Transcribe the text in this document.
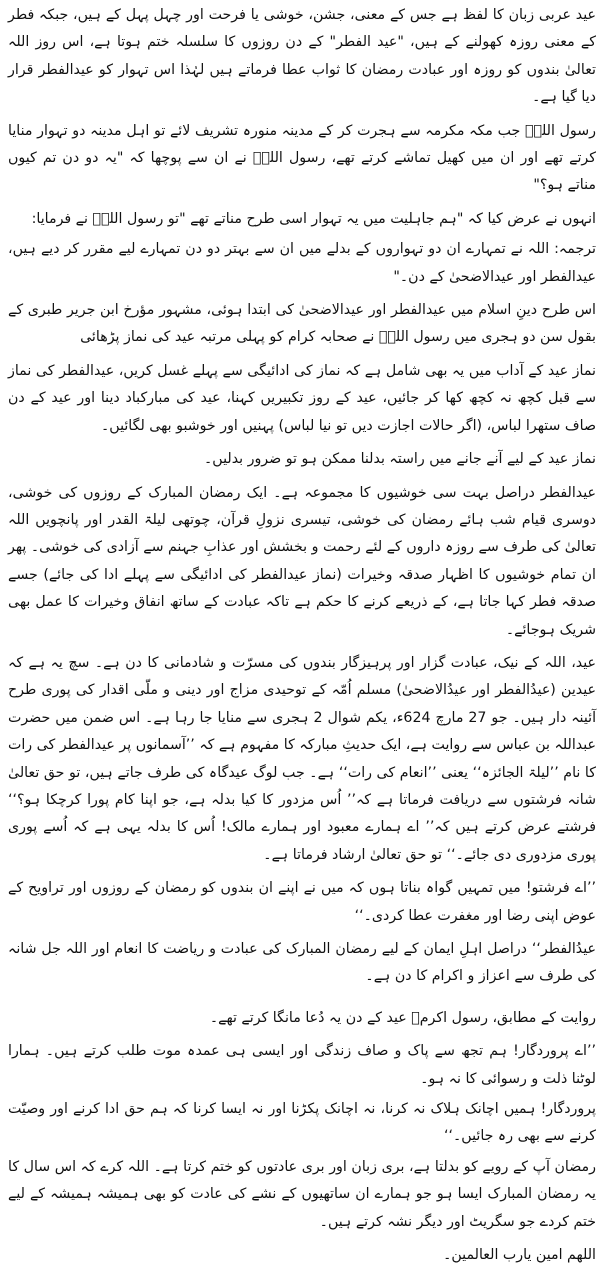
عید عربی زبان کا لفظ ہے جس کے معنی، جشن، خوشی یا فرحت اور چہل پہل کے ہیں، جبکہ فطر کے معنی روزہ کھولنے کے ہیں، "عید الفطر" کے دن روزوں کا سلسلہ ختم ہوتا ہے، اس روز اللہ تعالیٰ بندوں کو روزہ اور عبادت رمضان کا ثواب عطا فرماتے ہیں لہٰذا اس تہوار کو عیدالفطر قرار دیا گیا ہے۔

رسول اللہؐ جب مکہ مکرمہ سے ہجرت کر کے مدینہ منورہ تشریف لائے تو اہل مدینہ دو تہوار منایا کرتے تھے اور ان میں کھیل تماشے کرتے تھے، رسول اللہؐ نے ان سے پوچھا کہ "یہ دو دن تم کیوں مناتے ہو؟"

انہوں نے عرض کیا کہ "ہم جاہلیت میں یہ تہوار اسی طرح مناتے تھے "تو رسول اللہؐ نے فرمایا:

ترجمہ: اللہ نے تمہارے ان دو تہواروں کے بدلے میں ان سے بہتر دو دن تمہارے لیے مقرر کر دیے ہیں، عیدالفطر اور عیدالاضحیٰ کے دن۔"

اس طرح دینِ اسلام میں عیدالفطر اور عیدالاضحیٰ کی ابتدا ہوئی، مشہور مؤرخ ابن جریر طبری کے بقول سن دو ہجری میں رسول اللہؐ نے صحابہ کرام کو پہلی مرتبہ عید کی نماز پڑھائی

نماز عید کے آداب میں یہ بھی شامل ہے کہ نماز کی ادائیگی سے پہلے غسل کریں، عیدالفطر کی نماز سے قبل کچھ نہ کچھ کھا کر جائیں، عید کے روز تکبیریں کہنا، عید کی مبارکباد دینا اور عید کے دن صاف ستھرا لباس، (اگر حالات اجازت دیں تو نیا لباس) پہنیں اور خوشبو بھی لگائیں۔

نماز عید کے لیے آنے جانے میں راستہ بدلنا ممکن ہو تو ضرور بدلیں۔

عیدالفطر دراصل بہت سی خوشیوں کا مجموعہ ہے۔ ایک رمضان المبارک کے روزوں کی خوشی، دوسری قیام شب ہائے رمضان کی خوشی، تیسری نزولِ قرآن، چوتھی لیلۃ القدر اور پانچویں اللہ تعالیٰ کی طرف سے روزہ داروں کے لئے رحمت و بخشش اور عذابِ جہنم سے آزادی کی خوشی۔ پھر ان تمام خوشیوں کا اظہار صدقہ وخیرات (نماز عیدالفطر کی ادائیگی سے پہلے ادا کی جائے) جسے صدقہ فطر کہا جاتا ہے، کے ذریعے کرنے کا حکم ہے تاکہ عبادت کے ساتھ انفاق وخیرات کا عمل بھی شریک ہوجائے۔

عید، اللہ کے نیک، عبادت گزار اور پرہیزگار بندوں کی مسرّت و شادمانی کا دن ہے۔ سچ یہ ہے کہ عیدین (عیدُالفطر اور عیدُالاضحیٰ) مسلم اُمّہ کے توحیدی مزاج اور دینی و ملّی اقدار کی پوری طرح آئینہ دار ہیں۔ جو 27 مارچ 624ء، یکم شوال 2 ہجری سے منایا جا رہا ہے۔ اس ضمن میں حضرت عبداللہ بن عباس سے روایت ہے، ایک حدیثِ مبارکہ کا مفہوم ہے کہ ’’آسمانوں پر عیدالفطر کی رات کا نام ’’لیلۃ الجائزہ‘‘ یعنی ’’انعام کی رات‘‘ ہے۔ جب لوگ عیدگاہ کی طرف جاتے ہیں، تو حق تعالیٰ شانہ فرشتوں سے دریافت فرماتا ہے کہ’’ اُس مزدور کا کیا بدلہ ہے، جو اپنا کام پورا کرچکا ہو؟‘‘ فرشتے عرض کرتے ہیں کہ’’ اے ہمارے معبود اور ہمارے مالک! اُس کا بدلہ یہی ہے کہ اُسے پوری پوری مزدوری دی جائے۔‘‘ تو حق تعالیٰ ارشاد فرماتا ہے۔

’’اے فرشتو! میں تمہیں گواہ بناتا ہوں کہ میں نے اپنے ان بندوں کو رمضان کے روزوں اور تراویح کے عوض اپنی رضا اور مغفرت عطا کردی۔‘‘

عیدُالفطر‘‘ دراصل اہلِ ایمان کے لیے رمضان المبارک کی عبادت و ریاضت کا انعام اور اللہ جل شانہ کی طرف سے اعزاز و اکرام کا دن ہے۔

روایت کے مطابق، رسول اکرمؐ عید کے دن یہ دُعا مانگا کرتے تھے۔

’’اے پروردگار! ہم تجھ سے پاک و صاف زندگی اور ایسی ہی عمدہ موت طلب کرتے ہیں۔ ہمارا لوٹنا ذلت و رسوائی کا نہ ہو۔

پروردگار! ہمیں اچانک ہلاک نہ کرنا، نہ اچانک پکڑنا اور نہ ایسا کرنا کہ ہم حق ادا کرنے اور وصیّت کرنے سے بھی رہ جائیں۔‘‘

رمضان آپ کے رویے کو بدلتا ہے، بری زبان اور بری عادتوں کو ختم کرتا ہے۔ اللہ کرے کہ اس سال کا یہ رمضان المبارک ایسا ہو جو ہمارے ان ساتھیوں کے نشے کی عادت کو بھی ہمیشہ ہمیشہ کے لیے ختم کردے جو سگریٹ اور دیگر نشہ کرتے ہیں۔

اللھم امین یارب العالمین۔
